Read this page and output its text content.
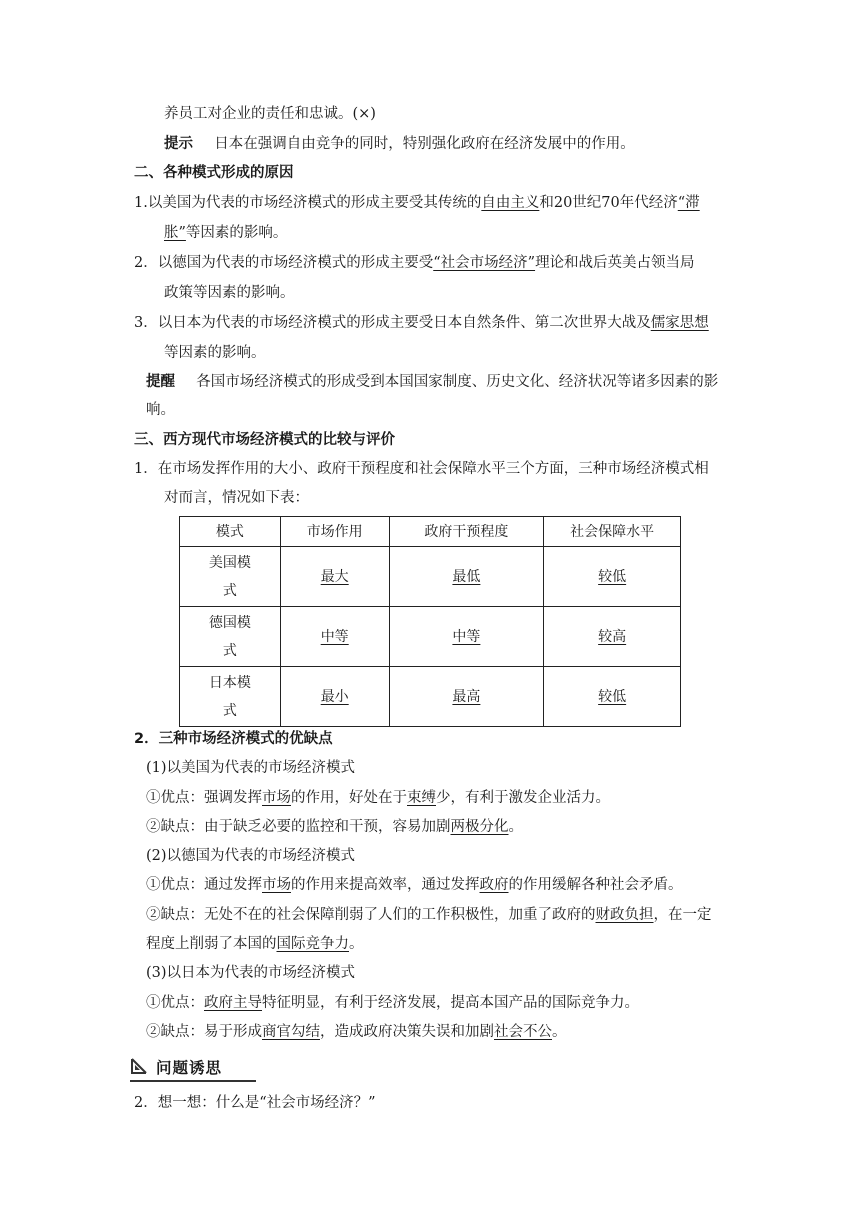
养员工对企业的责任和忠诚。(×)
提示 日本在强调自由竞争的同时，特别强化政府在经济发展中的作用。
二、各种模式形成的原因
1.以美国为代表的市场经济模式的形成主要受其传统的自由主义和20世纪70年代经济“滞
胀”等因素的影响。
2．以德国为代表的市场经济模式的形成主要受“社会市场经济”理论和战后英美占领当局
政策等因素的影响。
3．以日本为代表的市场经济模式的形成主要受日本自然条件、第二次世界大战及儒家思想
等因素的影响。
提醒 各国市场经济模式的形成受到本国国家制度、历史文化、经济状况等诸多因素的影
响。
三、西方现代市场经济模式的比较与评价
1．在市场发挥作用的大小、政府干预程度和社会保障水平三个方面，三种市场经济模式相
对而言，情况如下表：
模式	市场作用	政府干预程度	社会保障水平
美国模
式	最大	最低	较低
德国模
式	中等	中等	较高
日本模
式	最小	最高	较低
2．三种市场经济模式的优缺点
(1)以美国为代表的市场经济模式
①优点：强调发挥市场的作用，好处在于束缚少，有利于激发企业活力。
②缺点：由于缺乏必要的监控和干预，容易加剧两极分化。
(2)以德国为代表的市场经济模式
①优点：通过发挥市场的作用来提高效率，通过发挥政府的作用缓解各种社会矛盾。
②缺点：无处不在的社会保障削弱了人们的工作积极性，加重了政府的财政负担，在一定
程度上削弱了本国的国际竞争力。
(3)以日本为代表的市场经济模式
①优点：政府主导特征明显，有利于经济发展，提高本国产品的国际竞争力。
②缺点：易于形成商官勾结，造成政府决策失误和加剧社会不公。
问题诱思
2．想一想：什么是“社会市场经济？”
